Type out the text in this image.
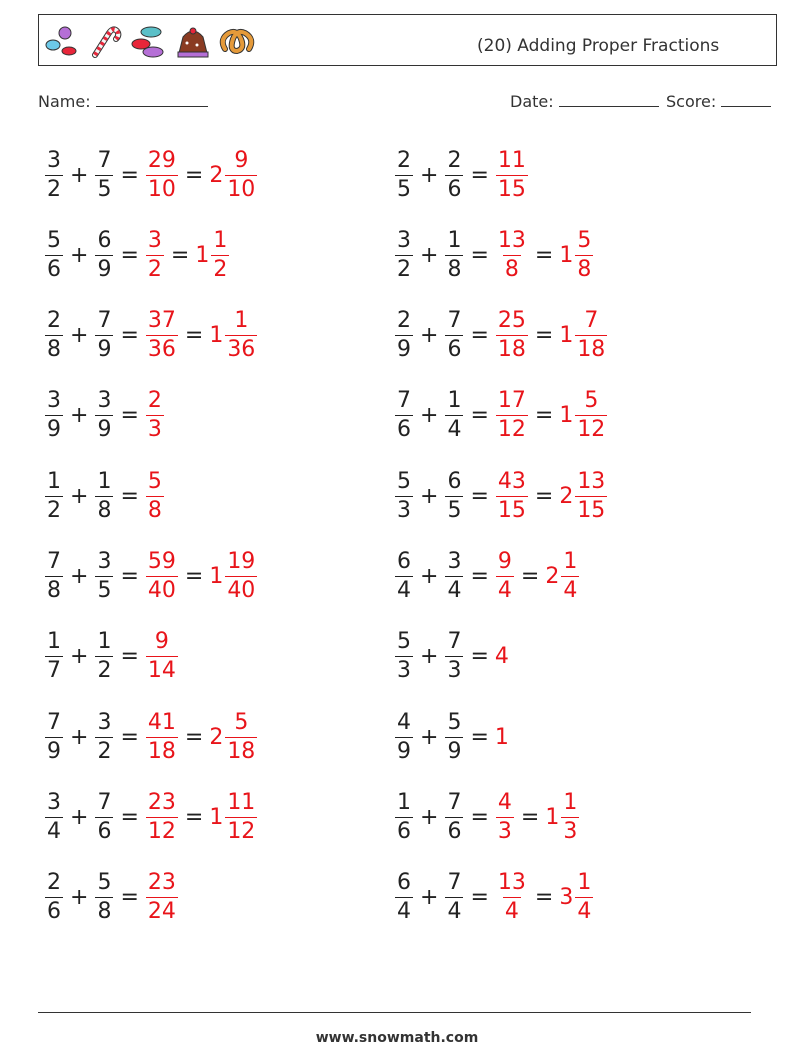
(20) Adding Proper Fractions
Name:	Date:	Score:
$\frac{3}{2} + \frac{7}{5} = \frac{29}{10} = 2 \frac{9}{10}$
$\frac{5}{6} + \frac{6}{9} = \frac{3}{2} = 1 \frac{1}{2}$
$\frac{2}{8} + \frac{7}{9} = \frac{37}{36} = 1 \frac{1}{36}$
$\frac{3}{9} + \frac{3}{9} = \frac{2}{3}$
$\frac{1}{2} + \frac{1}{8} = \frac{5}{8}$
$\frac{7}{8} + \frac{3}{5} = \frac{59}{40} = 1 \frac{19}{40}$
$\frac{1}{7} + \frac{1}{2} = \frac{9}{14}$
$\frac{7}{9} + \frac{3}{2} = \frac{41}{18} = 2 \frac{5}{18}$
$\frac{3}{4} + \frac{7}{6} = \frac{23}{12} = 1 \frac{11}{12}$
$\frac{2}{6} + \frac{5}{8} = \frac{23}{24}$
$\frac{2}{5} + \frac{2}{6} = \frac{11}{15}$
$\frac{3}{2} + \frac{1}{8} = \frac{13}{8} = 1 \frac{5}{8}$
$\frac{2}{9} + \frac{7}{6} = \frac{25}{18} = 1 \frac{7}{18}$
$\frac{7}{6} + \frac{1}{4} = \frac{17}{12} = 1 \frac{5}{12}$
$\frac{5}{3} + \frac{6}{5} = \frac{43}{15} = 2 \frac{13}{15}$
$\frac{6}{4} + \frac{3}{4} = \frac{9}{4} = 2 \frac{1}{4}$
$\frac{5}{3} + \frac{7}{3} = 4$
$\frac{4}{9} + \frac{5}{9} = 1$
$\frac{1}{6} + \frac{7}{6} = \frac{4}{3} = 1 \frac{1}{3}$
$\frac{6}{4} + \frac{7}{4} = \frac{13}{4} = 3 \frac{1}{4}$
www.snowmath.com
